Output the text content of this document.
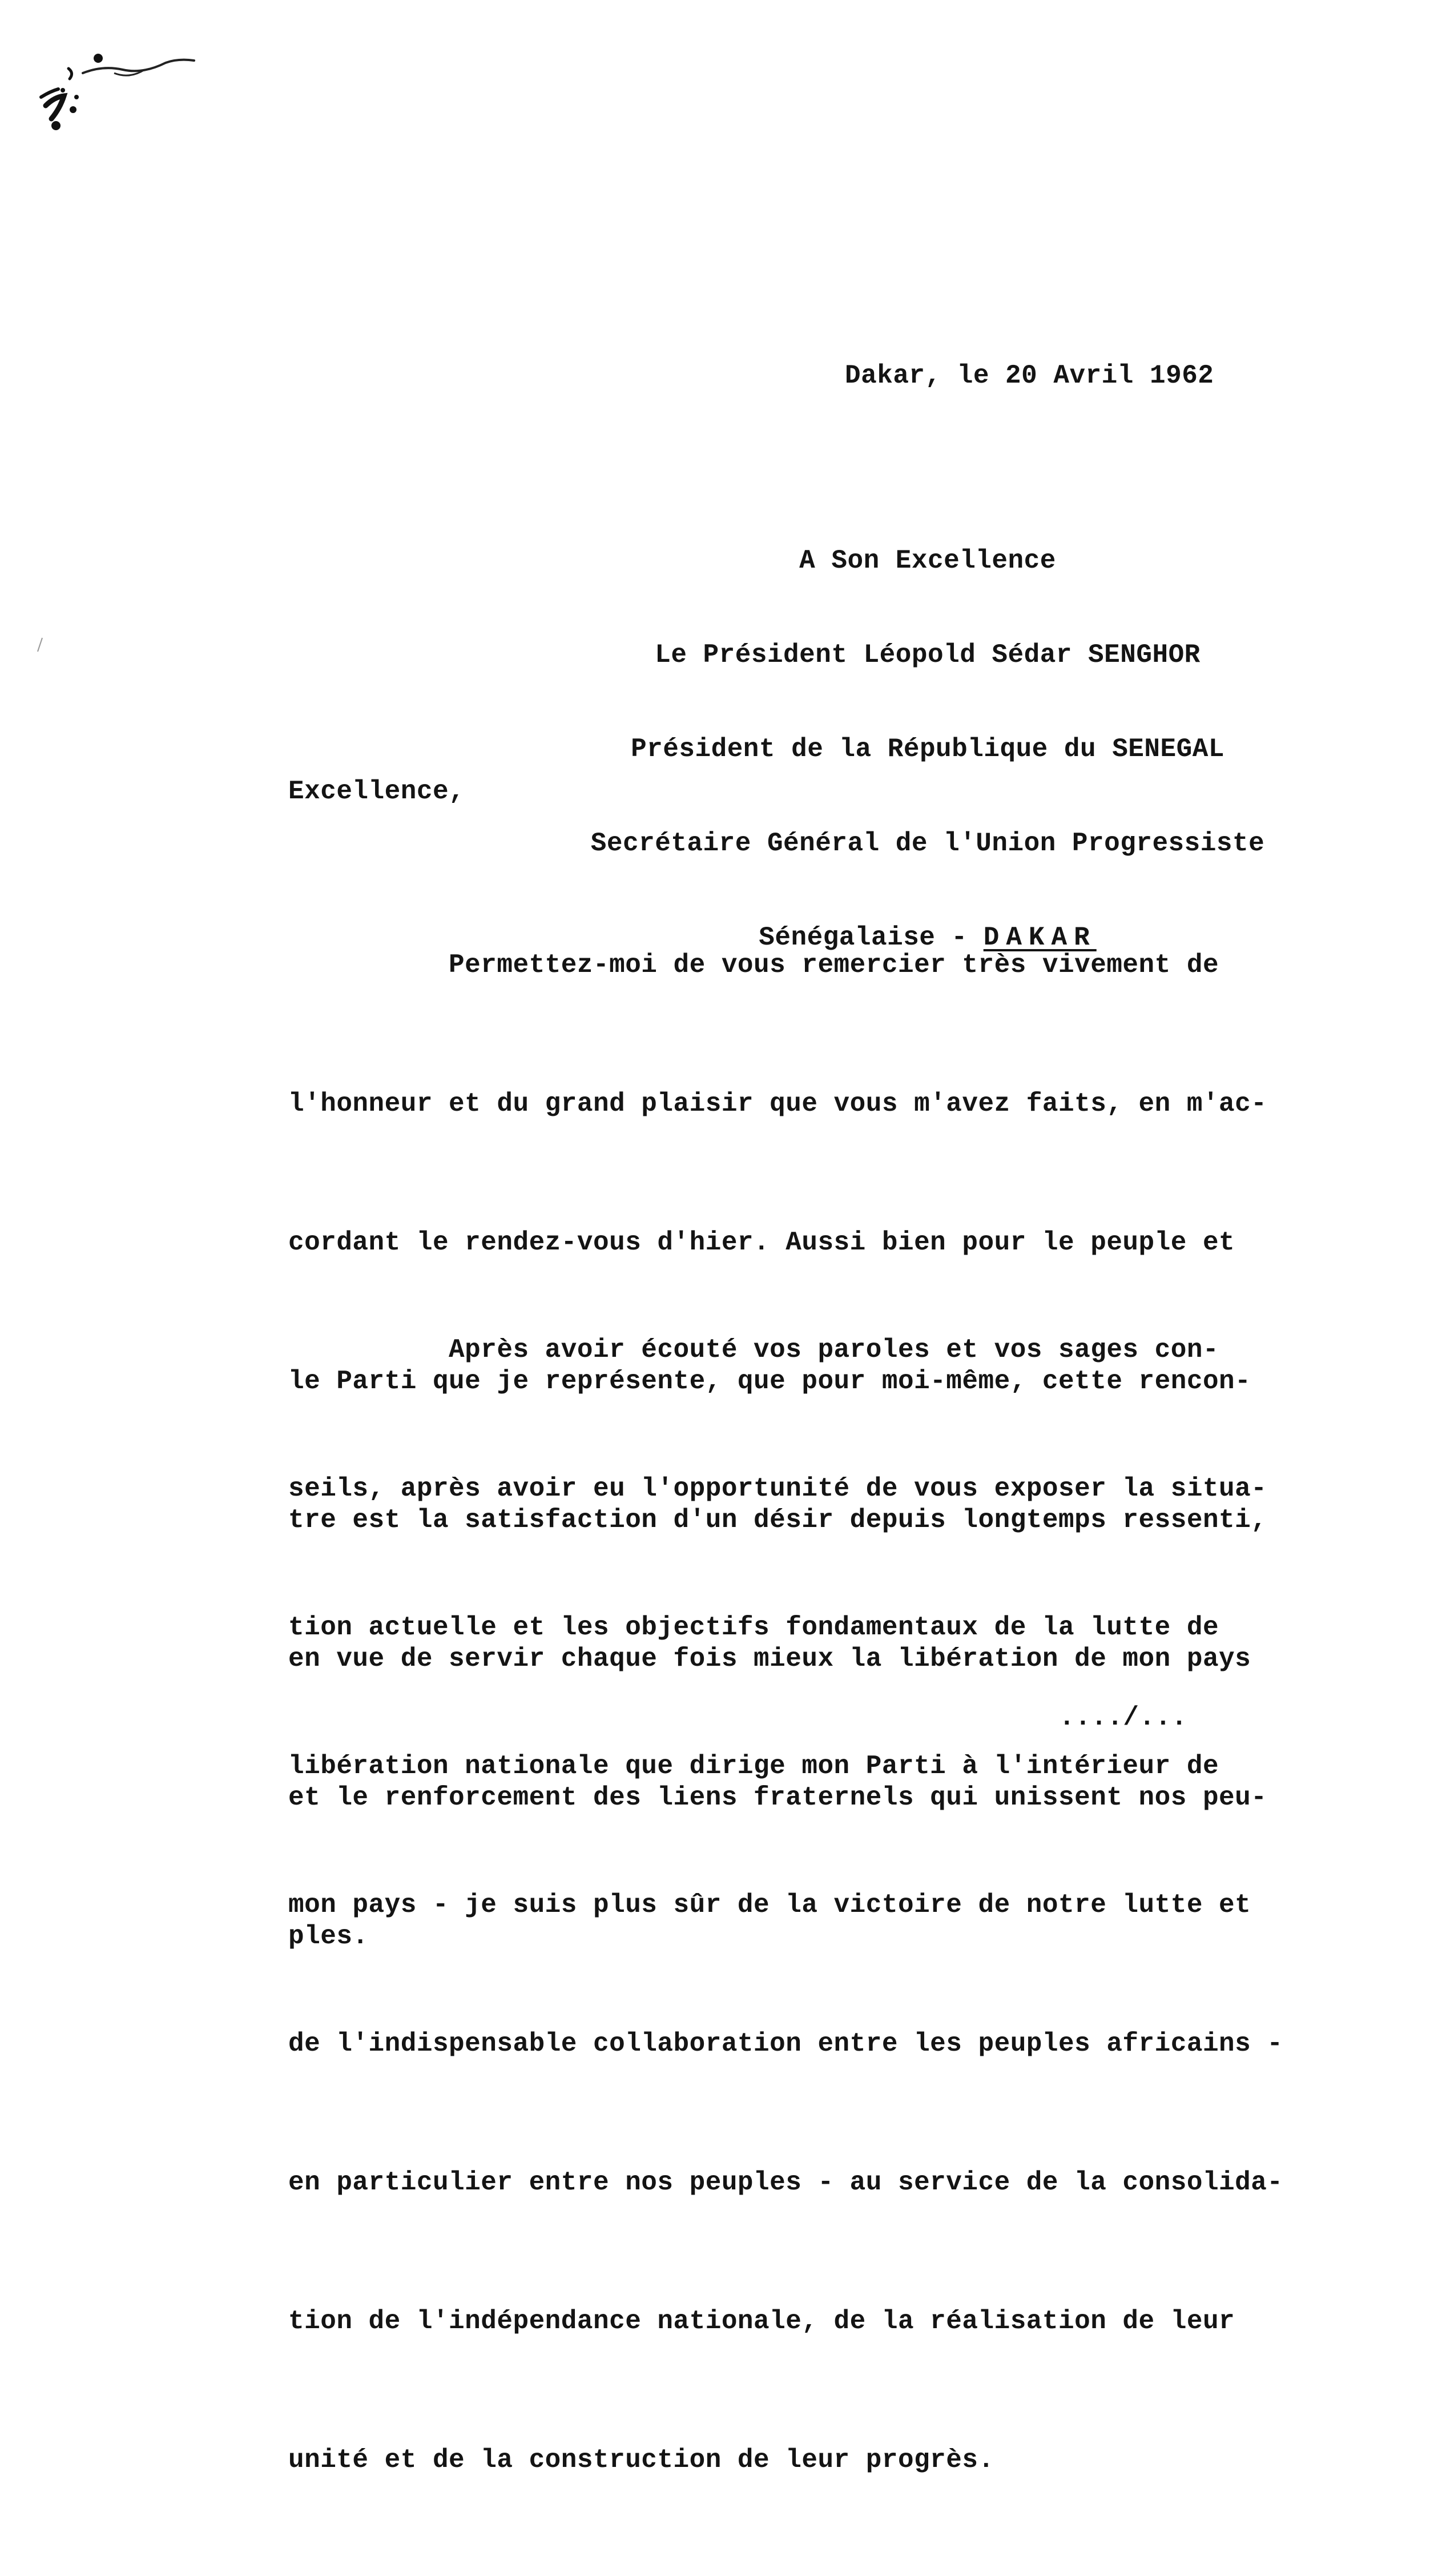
Dakar, le 20 Avril 1962

A Son Excellence

Le Président Léopold Sédar SENGHOR

Président de la République du SENEGAL

Secrétaire Général de l'Union Progressiste

Sénégalaise - DAKAR

Excellence,

Permettez-moi de vous remercier très vivement de

l'honneur et du grand plaisir que vous m'avez faits, en m'ac-

cordant le rendez-vous d'hier. Aussi bien pour le peuple et

le Parti que je représente, que pour moi-même, cette rencon-

tre est la satisfaction d'un désir depuis longtemps ressenti,

en vue de servir chaque fois mieux la libération de mon pays

et le renforcement des liens fraternels qui unissent nos peu-

ples.

Après avoir écouté vos paroles et vos sages con-

seils, après avoir eu l'opportunité de vous exposer la situa-

tion actuelle et les objectifs fondamentaux de la lutte de

libération nationale que dirige mon Parti à l'intérieur de

mon pays - je suis plus sûr de la victoire de notre lutte et

de l'indispensable collaboration entre les peuples africains -

en particulier entre nos peuples - au service de la consolida-

tion de l'indépendance nationale, de la réalisation de leur

unité et de la construction de leur progrès.

..../...
